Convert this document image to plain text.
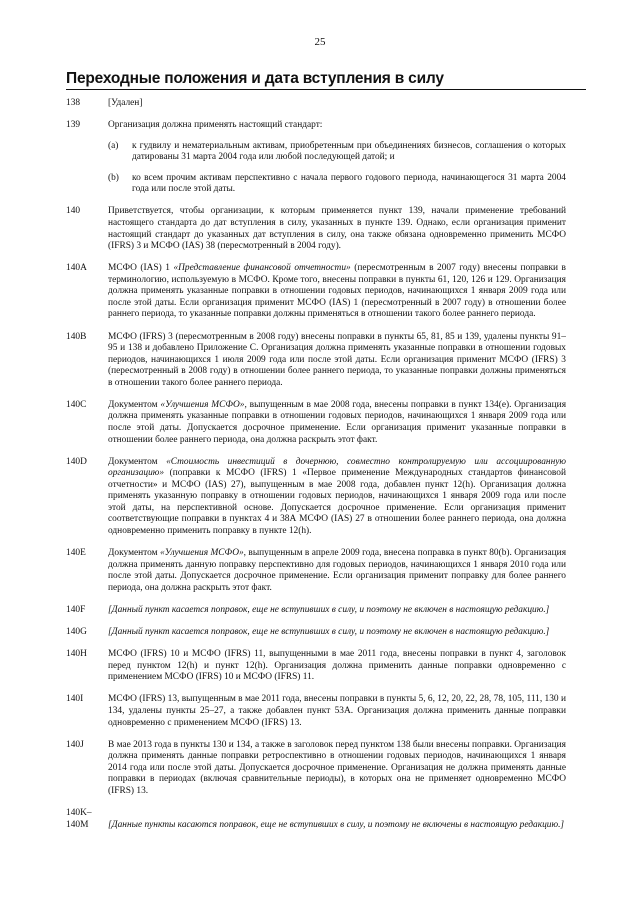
25
Переходные положения и дата вступления в силу
138	[Удален]
139	Организация должна применять настоящий стандарт:

(a)	к гудвилу и нематериальным активам, приобретенным при объединениях бизнесов, соглашения о которых датированы 31 марта 2004 года или любой последующей датой; и
(b)	ко всем прочим активам перспективно с начала первого годового периода, начинающегося 31 марта 2004 года или после этой даты.
140	Приветствуется, чтобы организации, к которым применяется пункт 139, начали применение требований настоящего стандарта до дат вступления в силу, указанных в пункте 139. Однако, если организация применит настоящий стандарт до указанных дат вступления в силу, она также обязана одновременно применить МСФО (IFRS) 3 и МСФО (IAS) 38 (пересмотренный в 2004 году).
140A	МСФО (IAS) 1 «Представление финансовой отчетности» (пересмотренным в 2007 году) внесены поправки в терминологию, используемую в МСФО. Кроме того, внесены поправки в пункты 61, 120, 126 и 129. Организация должна применять указанные поправки в отношении годовых периодов, начинающихся 1 января 2009 года или после этой даты. Если организация применит МСФО (IAS) 1 (пересмотренный в 2007 году) в отношении более раннего периода, то указанные поправки должны применяться в отношении такого более раннего периода.
140B	МСФО (IFRS) 3 (пересмотренным в 2008 году) внесены поправки в пункты 65, 81, 85 и 139, удалены пункты 91–95 и 138 и добавлено Приложение С. Организация должна применять указанные поправки в отношении годовых периодов, начинающихся 1 июля 2009 года или после этой даты. Если организация применит МСФО (IFRS) 3 (пересмотренный в 2008 году) в отношении более раннего периода, то указанные поправки должны применяться в отношении такого более раннего периода.
140C	Документом «Улучшения МСФО», выпущенным в мае 2008 года, внесены поправки в пункт 134(е). Организация должна применять указанные поправки в отношении годовых периодов, начинающихся 1 января 2009 года или после этой даты. Допускается досрочное применение. Если организация применит указанные поправки в отношении более раннего периода, она должна раскрыть этот факт.
140D	Документом «Стоимость инвестиций в дочернюю, совместно контролируемую или ассоциированную организацию» (поправки к МСФО (IFRS) 1 «Первое применение Международных стандартов финансовой отчетности» и МСФО (IAS) 27), выпущенным в мае 2008 года, добавлен пункт 12(h). Организация должна применять указанную поправку в отношении годовых периодов, начинающихся 1 января 2009 года или после этой даты, на перспективной основе. Допускается досрочное применение. Если организация применит соответствующие поправки в пунктах 4 и 38А МСФО (IAS) 27 в отношении более раннего периода, она должна одновременно применить поправку в пункте 12(h).
140E	Документом «Улучшения МСФО», выпущенным в апреле 2009 года, внесена поправка в пункт 80(b). Организация должна применять данную поправку перспективно для годовых периодов, начинающихся 1 января 2010 года или после этой даты. Допускается досрочное применение. Если организация применит поправку для более раннего периода, она должна раскрыть этот факт.
140F	[Данный пункт касается поправок, еще не вступивших в силу, и поэтому не включен в настоящую редакцию.]
140G	[Данный пункт касается поправок, еще не вступивших в силу, и поэтому не включен в настоящую редакцию.]
140H	МСФО (IFRS) 10 и МСФО (IFRS) 11, выпущенными в мае 2011 года, внесены поправки в пункт 4, заголовок перед пунктом 12(h) и пункт 12(h). Организация должна применить данные поправки одновременно с применением МСФО (IFRS) 10 и МСФО (IFRS) 11.
140I	МСФО (IFRS) 13, выпущенным в мае 2011 года, внесены поправки в пункты 5, 6, 12, 20, 22, 28, 78, 105, 111, 130 и 134, удалены пункты 25–27, а также добавлен пункт 53А. Организация должна применить данные поправки одновременно с применением МСФО (IFRS) 13.
140J	В мае 2013 года в пункты 130 и 134, а также в заголовок перед пунктом 138 были внесены поправки. Организация должна применять данные поправки ретроспективно в отношении годовых периодов, начинающихся 1 января 2014 года или после этой даты. Допускается досрочное применение. Организация не должна применять данные поправки в периодах (включая сравнительные периоды), в которых она не применяет одновременно МСФО (IFRS) 13.
140K–
140M	[Данные пункты касаются поправок, еще не вступивших в силу, и поэтому не включены в настоящую редакцию.]
